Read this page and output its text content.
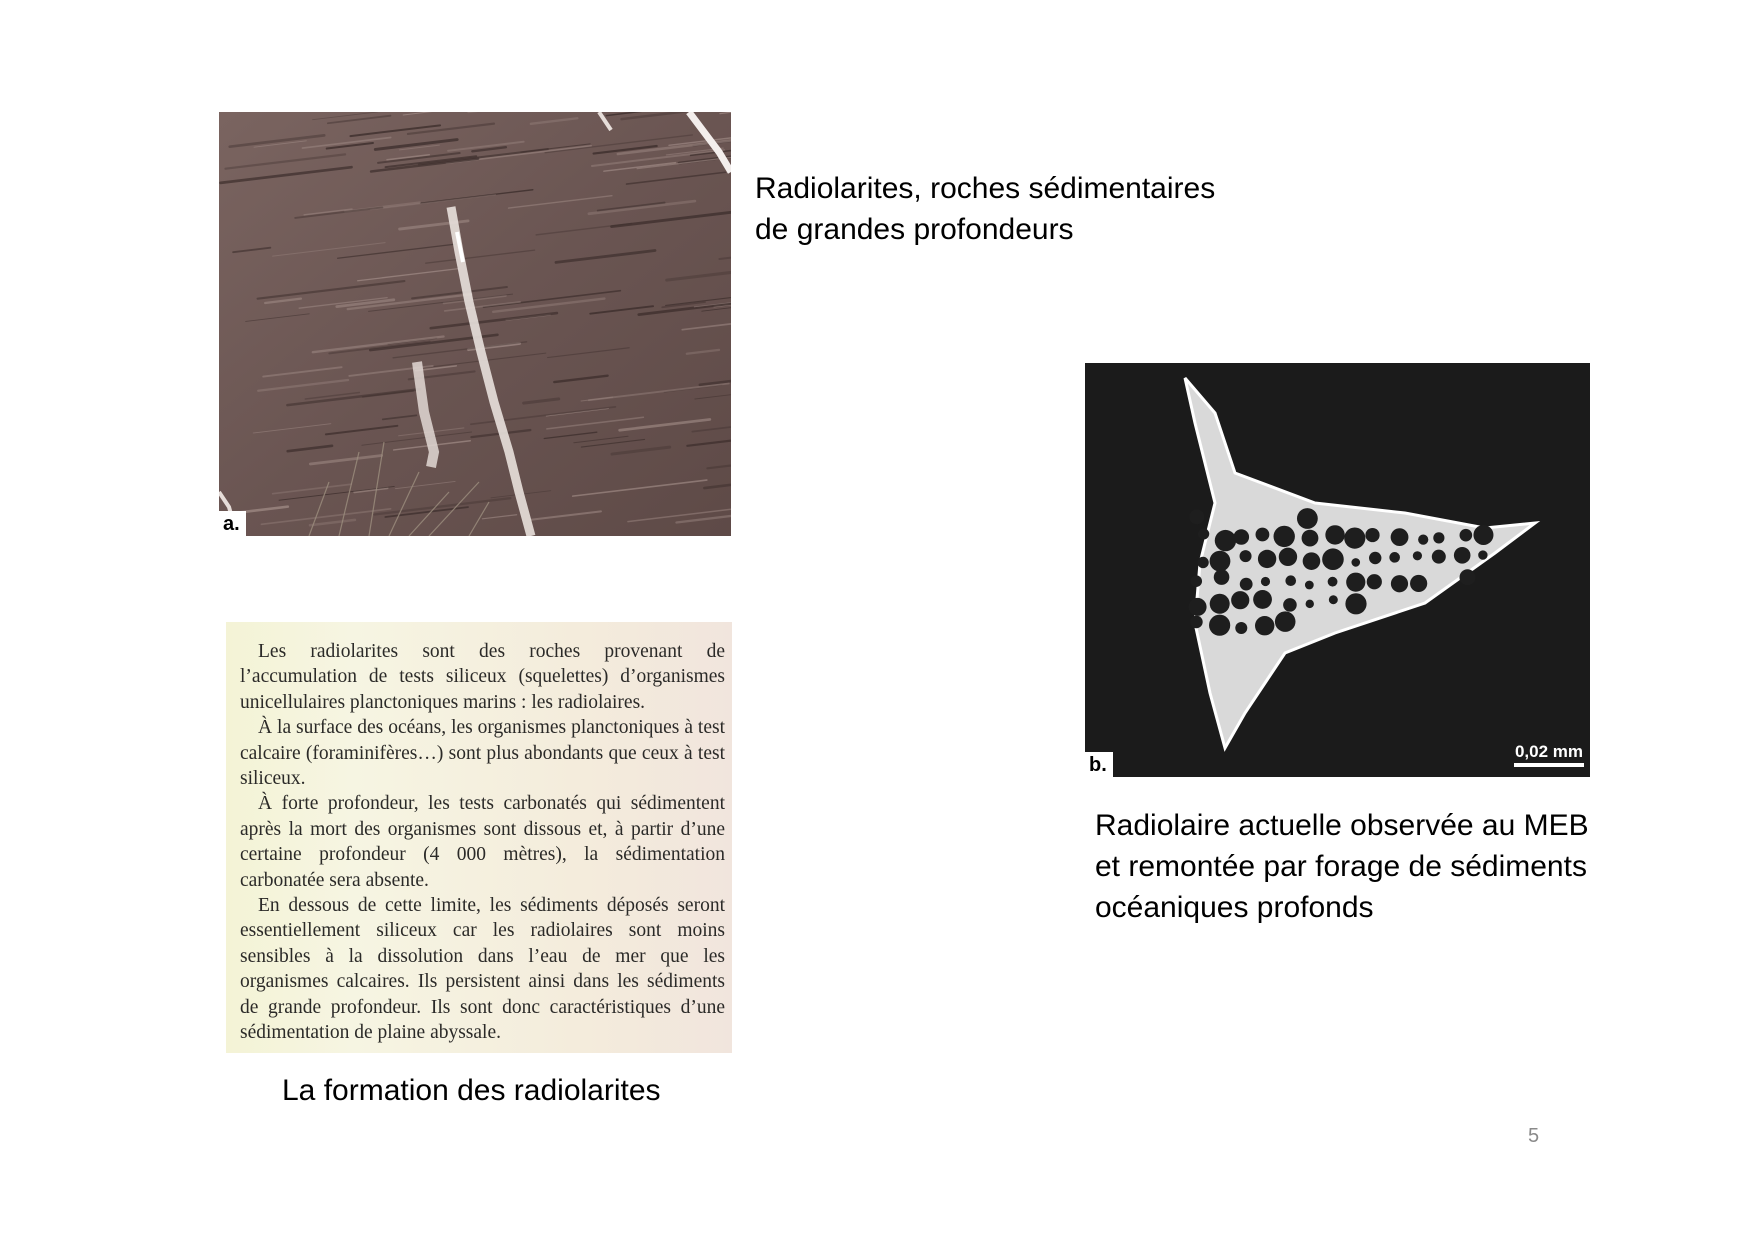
a.
Radiolarites, roches sédimentaires
de grandes profondeurs
b.
0,02 mm
Radiolaire actuelle observée au MEB
et remontée par forage de sédiments
océaniques profonds

Les radiolarites sont des roches provenant de l’accumulation de tests siliceux (squelettes) d’organismes unicellulaires planctoniques marins : les radiolaires.

À la surface des océans, les organismes planctoniques à test calcaire (foraminifères…) sont plus abondants que ceux à test siliceux.

À forte profondeur, les tests carbonatés qui sédimentent après la mort des organismes sont dissous et, à partir d’une certaine profondeur (4 000 mètres), la sédimentation carbonatée sera absente.

En dessous de cette limite, les sédiments déposés seront essentiellement siliceux car les radiolaires sont moins sensibles à la dissolution dans l’eau de mer que les organismes calcaires. Ils persistent ainsi dans les sédiments de grande profondeur. Ils sont donc caractéristiques d’une sédimentation de plaine abyssale.

La formation des radiolarites
5
